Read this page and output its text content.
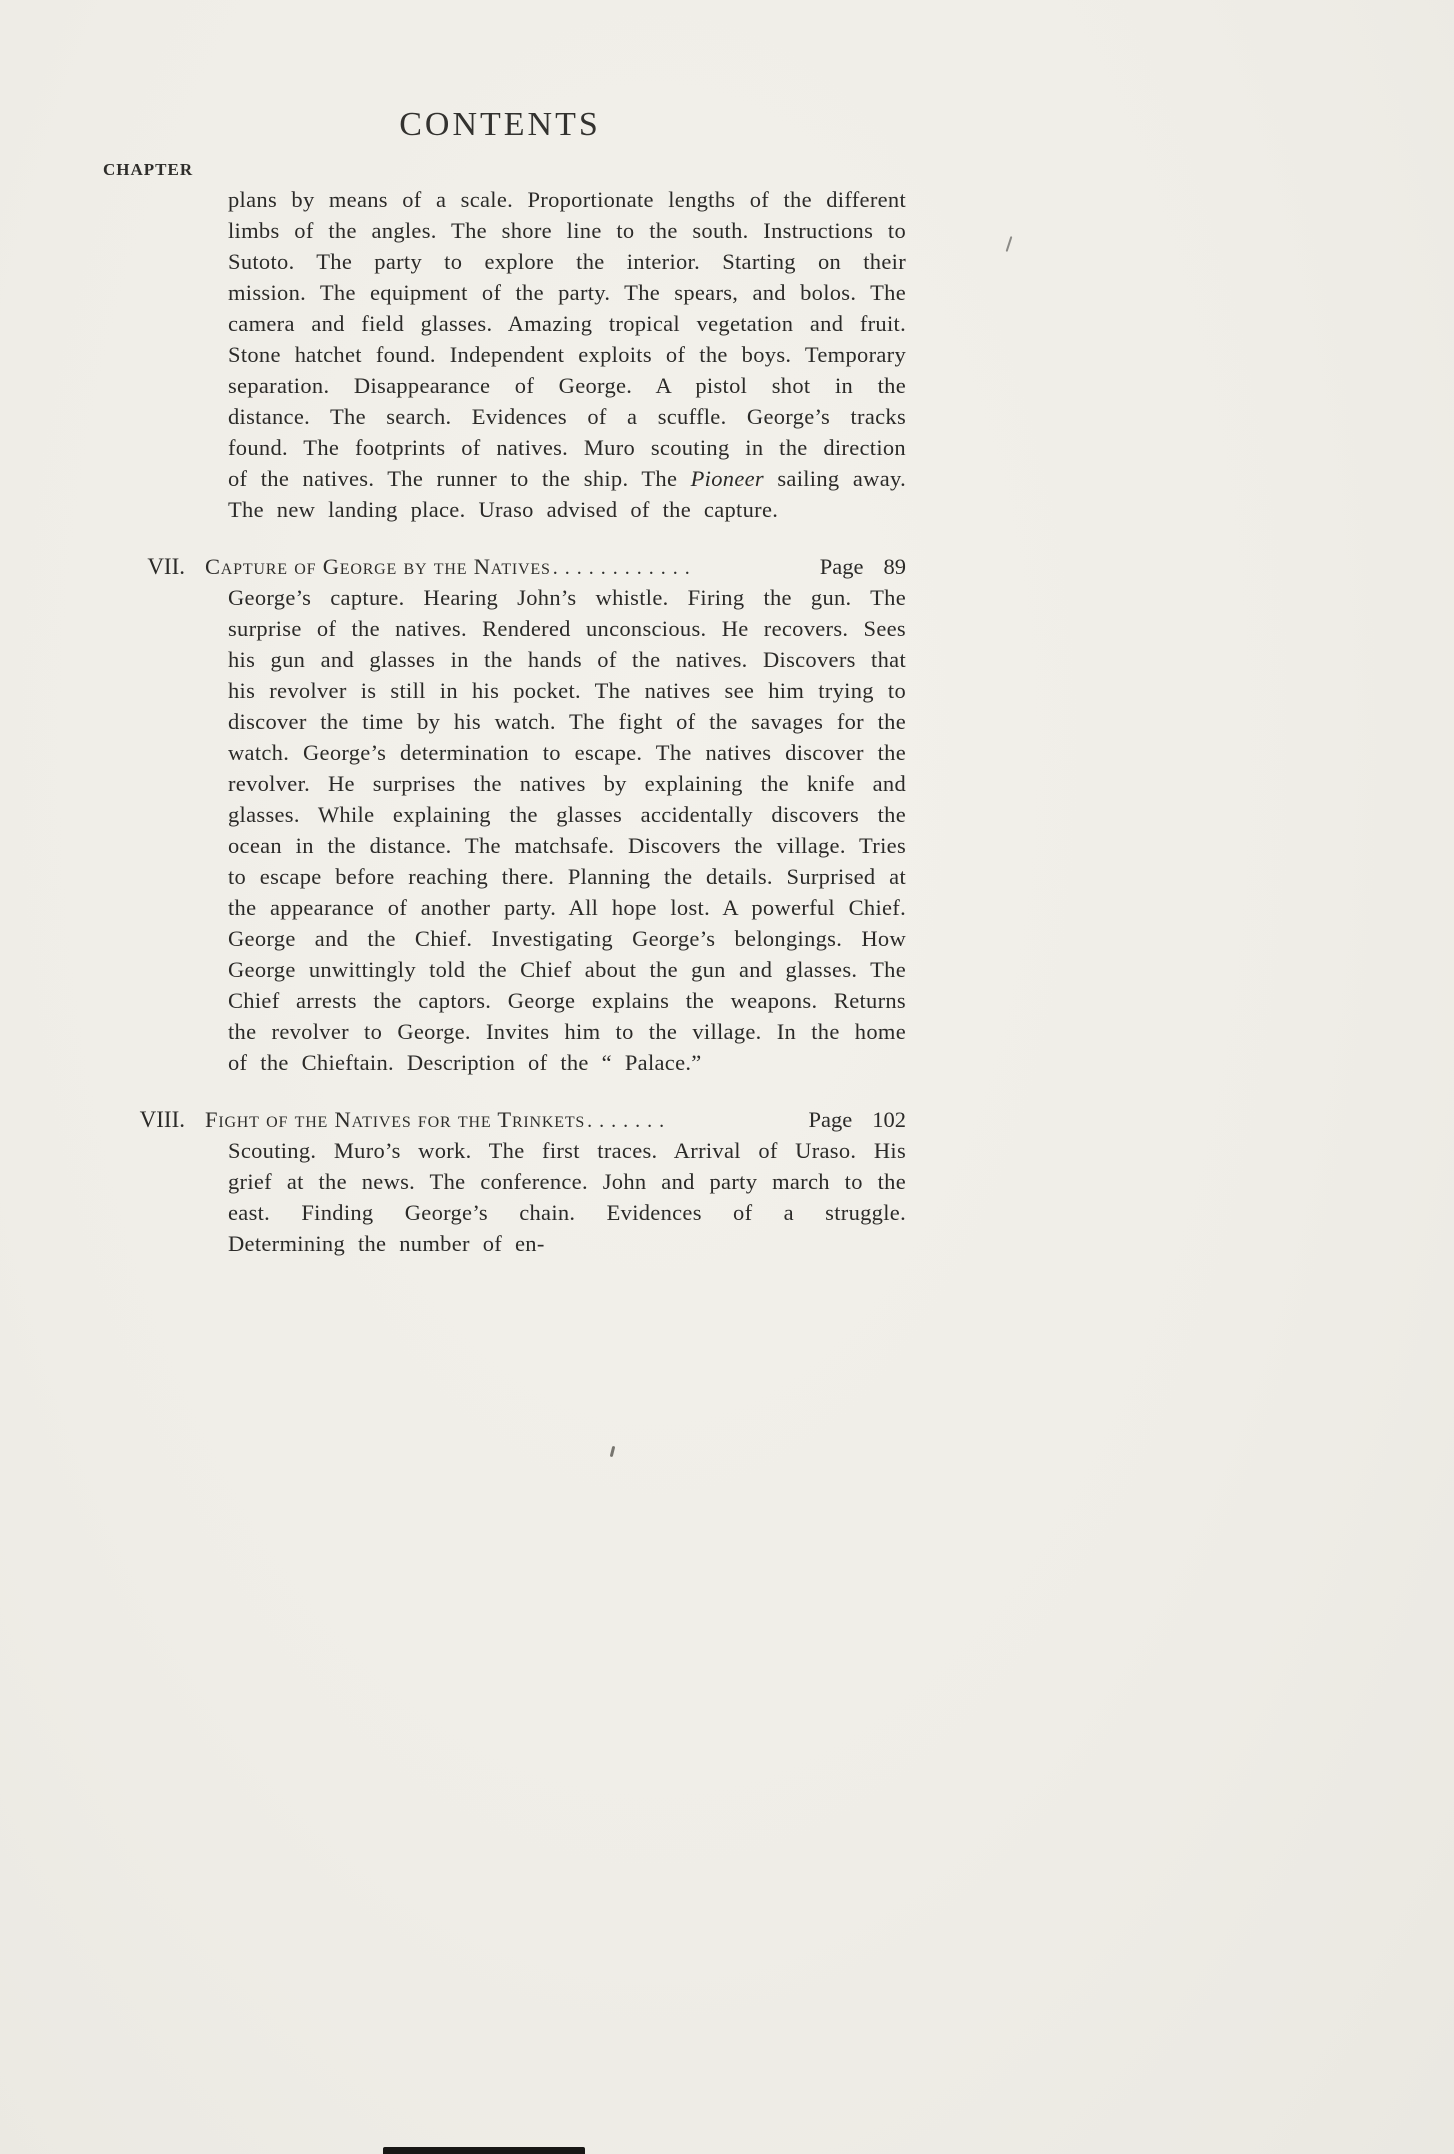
CONTENTS
CHAPTER

plans by means of a scale. Proportionate lengths of the different limbs of the angles. The shore line to the south. Instructions to Sutoto. The party to explore the interior. Starting on their mission. The equipment of the party. The spears, and bolos. The camera and field glasses. Amazing tropical vegetation and fruit. Stone hatchet found. Independent exploits of the boys. Temporary separation. Disappearance of George. A pistol shot in the distance. The search. Evidences of a scuffle. George’s tracks found. The footprints of natives. Muro scouting in the direction of the natives. The runner to the ship. The Pioneer sailing away. The new landing place. Uraso advised of the capture.

VII. Capture of George by the Natives ............	Page 89

George’s capture. Hearing John’s whistle. Firing the gun. The surprise of the natives. Rendered unconscious. He recovers. Sees his gun and glasses in the hands of the natives. Discovers that his revolver is still in his pocket. The natives see him trying to discover the time by his watch. The fight of the savages for the watch. George’s determination to escape. The natives discover the revolver. He surprises the natives by explaining the knife and glasses. While explaining the glasses accidentally discovers the ocean in the distance. The matchsafe. Discovers the village. Tries to escape before reaching there. Planning the details. Surprised at the appearance of another party. All hope lost. A powerful Chief. George and the Chief. Investigating George’s belongings. How George unwittingly told the Chief about the gun and glasses. The Chief arrests the captors. George explains the weapons. Returns the revolver to George. Invites him to the village. In the home of the Chieftain. Description of the “ Palace.”

VIII. Fight of the Natives for the Trinkets .......	Page 102

Scouting. Muro’s work. The first traces. Arrival of Uraso. His grief at the news. The conference. John and party march to the east. Finding George’s chain. Evidences of a struggle. Determining the number of en-
